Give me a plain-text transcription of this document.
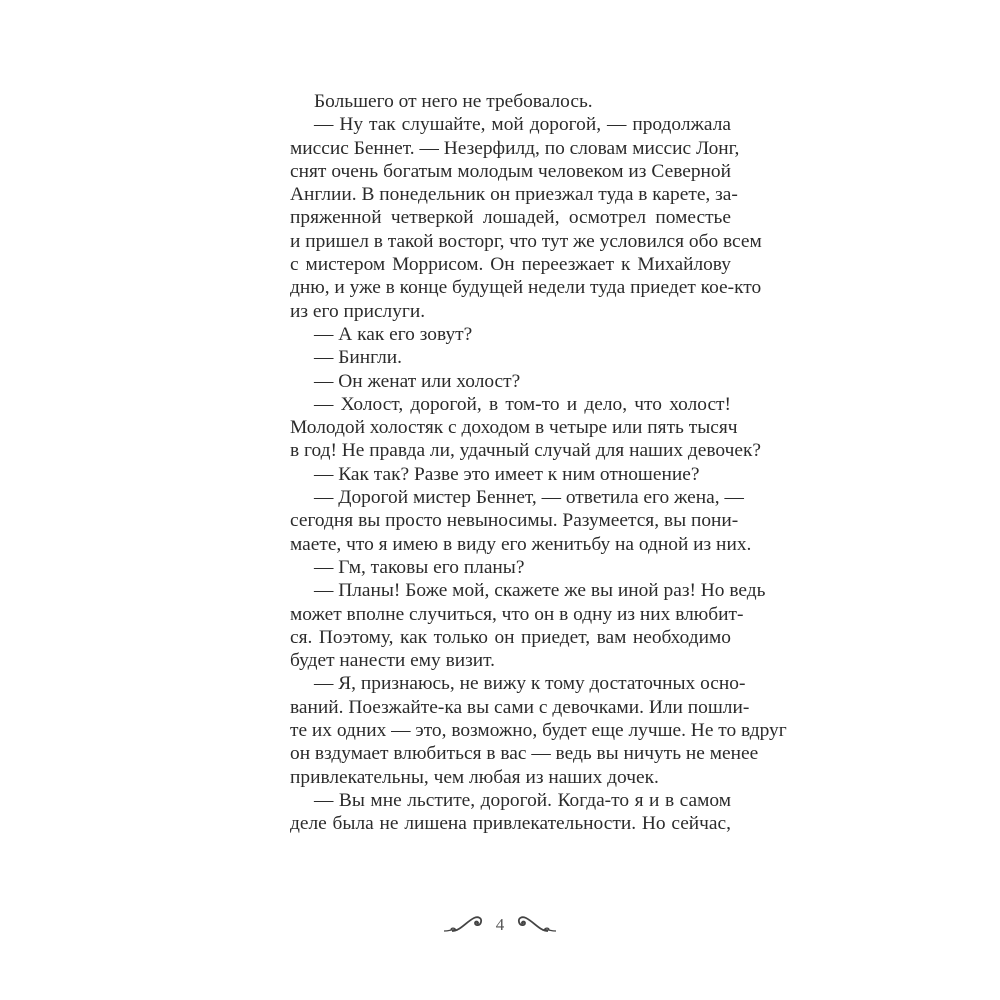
Большего от него не требовалось.
— Ну так слушайте, мой дорогой, — продолжала
миссис Беннет. — Незерфилд, по словам миссис Лонг,
снят очень богатым молодым человеком из Северной
Англии. В понедельник он приезжал туда в карете, за-
пряженной четверкой лошадей, осмотрел поместье
и пришел в такой восторг, что тут же условился обо всем
с мистером Моррисом. Он переезжает к Михайлову
дню, и уже в конце будущей недели туда приедет кое-кто
из его прислуги.
— А как его зовут?
— Бингли.
— Он женат или холост?
— Холост, дорогой, в том-то и дело, что холост!
Молодой холостяк с доходом в четыре или пять тысяч
в год! Не правда ли, удачный случай для наших девочек?
— Как так? Разве это имеет к ним отношение?
— Дорогой мистер Беннет, — ответила его жена, —
сегодня вы просто невыносимы. Разумеется, вы пони-
маете, что я имею в виду его женитьбу на одной из них.
— Гм, таковы его планы?
— Планы! Боже мой, скажете же вы иной раз! Но ведь
может вполне случиться, что он в одну из них влюбит-
ся. Поэтому, как только он приедет, вам необходимо
будет нанести ему визит.
— Я, признаюсь, не вижу к тому достаточных осно-
ваний. Поезжайте-ка вы сами с девочками. Или пошли-
те их одних — это, возможно, будет еще лучше. Не то вдруг
он вздумает влюбиться в вас — ведь вы ничуть не менее
привлекательны, чем любая из наших дочек.
— Вы мне льстите, дорогой. Когда-то я и в самом
деле была не лишена привлекательности. Но сейчас,
4
